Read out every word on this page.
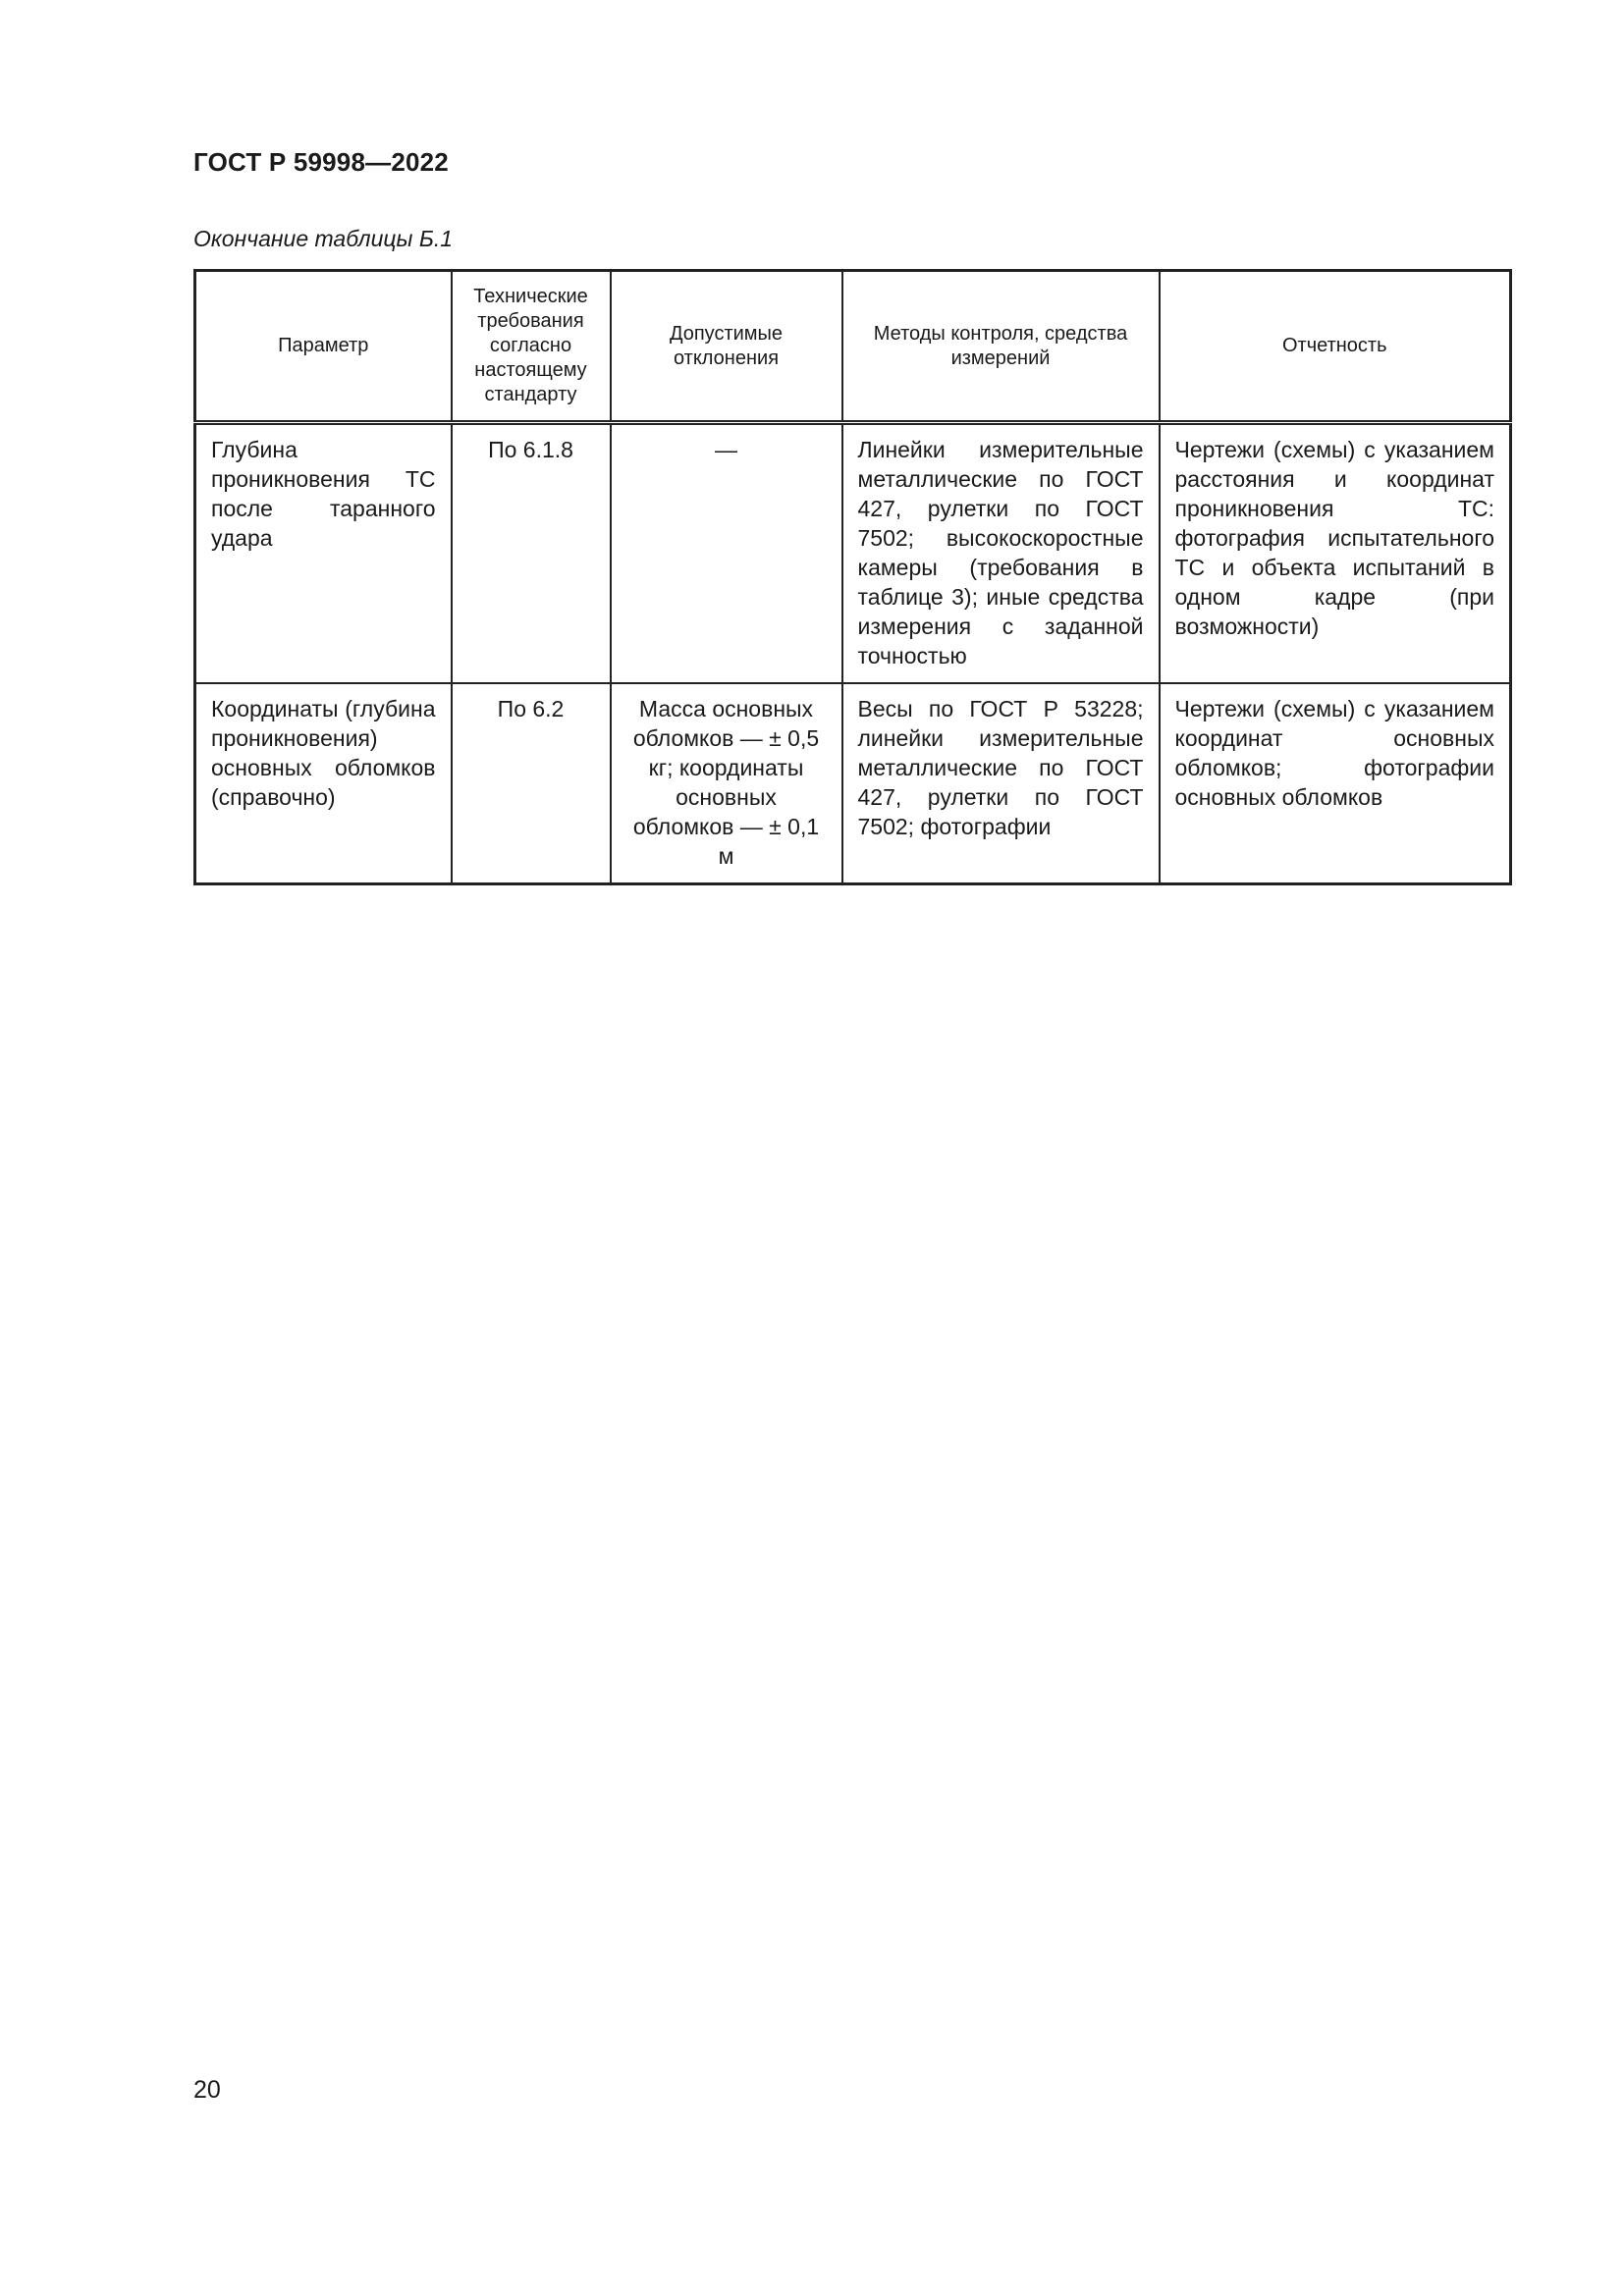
ГОСТ Р 59998—2022
Окончание таблицы Б.1
Параметр	Технические требования согласно настоящему стандарту	Допустимые отклонения	Методы контроля, средства измерений	Отчетность
Глубина проникновения ТС после таранного удара	По 6.1.8	—	Линейки измерительные металлические по ГОСТ 427, рулетки по ГОСТ 7502; высокоскоростные камеры (требования в таблице 3); иные средства измерения с заданной точностью	Чертежи (схемы) с указанием расстояния и координат проникновения ТС: фотография испытательного ТС и объекта испытаний в одном кадре (при возможности)
Координаты (глубина проникновения) основных обломков (справочно)	По 6.2	Масса основных обломков — ± 0,5 кг; координаты основных обломков — ± 0,1 м	Весы по ГОСТ Р 53228; линейки измерительные металлические по ГОСТ 427, рулетки по ГОСТ 7502; фотографии	Чертежи (схемы) с указанием координат основных обломков; фотографии основных обломков
20
